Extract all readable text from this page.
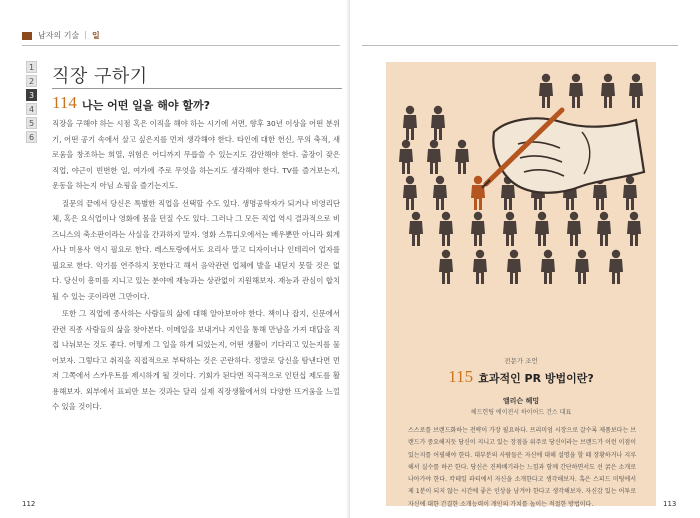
남자의 기술 | 일
1
2
3
4
5
6
직장 구하기
114 나는 어떤 일을 해야 할까?

직장을 구해야 하는 시점 혹은 이직을 해야 하는 시기에 서면, 향후 30년 이상을 어떤 분위기, 어떤 공기 속에서 살고 싶은지를 먼저 생각해야 한다. 타인에 대한 헌신, 무의 축적, 새로움을 창조하는 희열, 위험은 어디까지 무릅쓸 수 있는지도 감안해야 한다. 출장이 잦은 직업, 야근이 빈번한 일, 여가에 주로 무엇을 하는지도 생각해야 한다. TV를 즐겨보는지, 운동을 하는지 아님 쇼핑을 즐기는지도.

질문의 끝에서 당신은 특별한 직업을 선택할 수도 있다. 생명공학자가 되거나 비영리단체, 혹은 요식업이나 영화에 몸을 던질 수도 있다. 그러나 그 모든 직업 역시 결과적으로 비즈니스의 축소판이라는 사실을 간과하지 말자. 영화 스튜디오에서는 배우뿐만 아니라 회계사나 미용사 역시 필요로 한다. 레스토랑에서도 요리사 말고 디자이너나 인테리어 업자를 필요로 한다. 악기를 연주하지 못한다고 해서 음악관련 업체에 발을 내딛지 못할 것은 없다. 당신이 흥미를 지니고 있는 분야에 재능과는 상관없이 지원해보자. 재능과 관심이 합치될 수 있는 곳이라면 그만이다.

또한 그 직업에 종사하는 사람들의 삶에 대해 알아보아야 한다. 책이나 잡지, 신문에서 관련 직종 사람들의 삶을 찾아본다. 이메일을 보내거나 지인을 통해 만남을 가져 대답을 직접 나눠보는 것도 좋다. 어떻게 그 일을 하게 되었는지, 어떤 생활이 기다리고 있는지를 물어보자. 그렇다고 취직을 직접적으로 부탁하는 것은 곤란하다. 정말로 당신을 탐낸다면 먼저 그쪽에서 스카우트를 제시하게 될 것이다. 기회가 된다면 적극적으로 인턴십 제도를 활용해보자. 외부에서 표피만 보는 것과는 달리 실제 직장생활에서의 다양한 뜨거움을 느낄 수 있을 것이다.

112
전문가 조언
115 효과적인 PR 방법이란?
앨리슨 헤밍
헤드헌팅 에이전시 하이어드 건스 대표
스스로를 브랜드화하는 전략이 가장 필요하다. 프리미엄 시장으로 갈수록 제품보다는 브랜드가 중요해지듯 당신이 지니고 있는 장점을 위주로 당신이라는 브랜드가 이런 이점이 있는지를 어필해야 한다. 대부분의 사람들은 자신에 대해 설명을 할 때 장황하거나 지루해서 실수를 하곤 한다. 당신은 진짜배기라는 느낌과 함께 간단하면서도 선 굵은 소개로 나아가야 한다. 칵테일 파티에서 자신을 소개한다고 생각해보자. 혹은 스피드 미팅에서 제 1분이 되지 않는 시간에 좋은 인상을 남겨야 한다고 생각해보자. 자신감 있는 어투로 자신에 대한 간결한 소개능력이 개인의 가치를 높이는 적절한 방법이다.	113
